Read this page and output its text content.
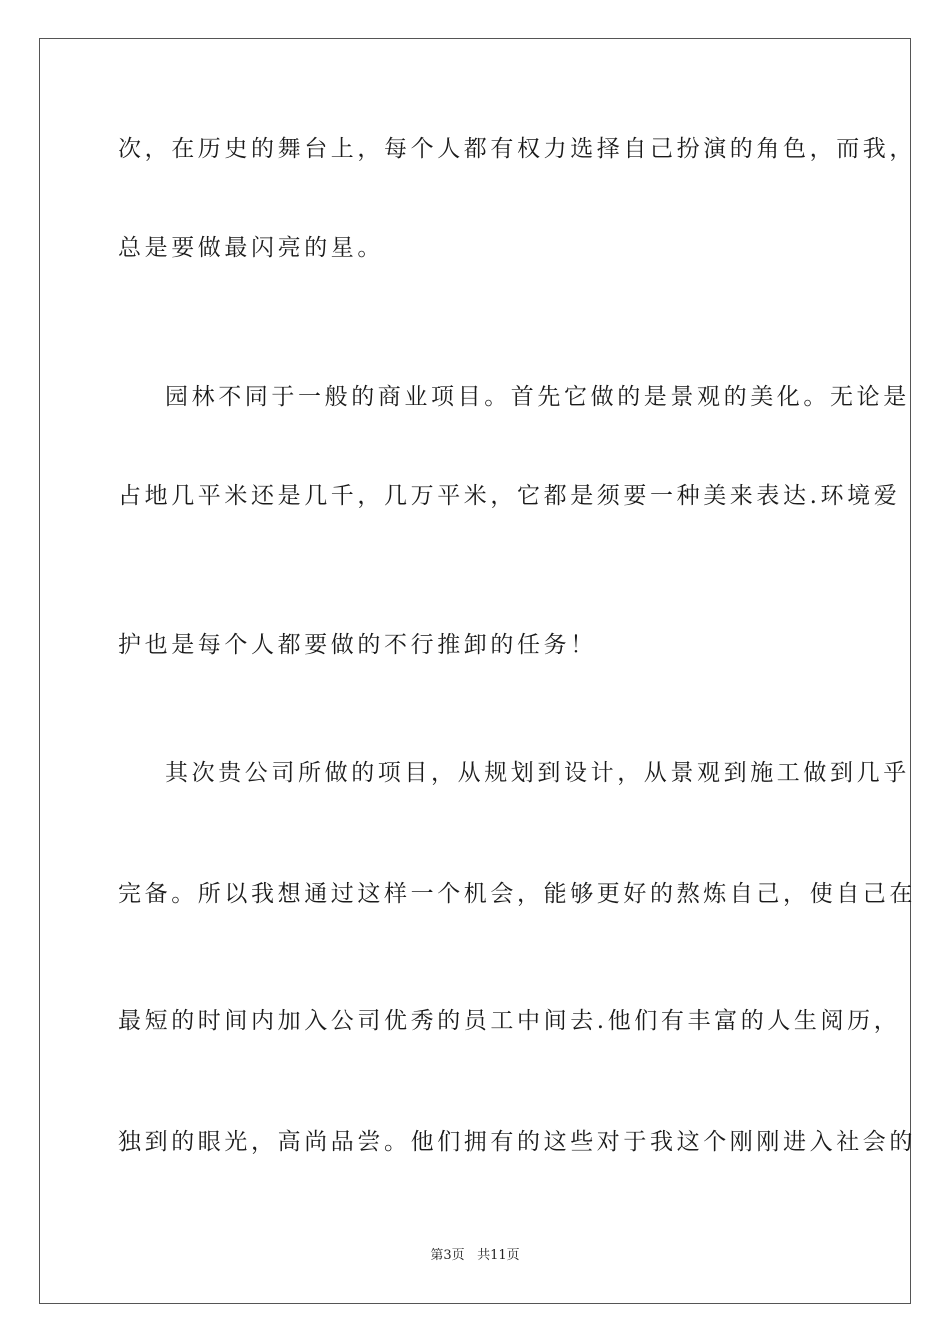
次，在历史的舞台上，每个人都有权力选择自己扮演的角色，而我，
总是要做最闪亮的星。
园林不同于一般的商业项目。首先它做的是景观的美化。无论是
占地几平米还是几千，几万平米，它都是须要一种美来表达.环境爱
护也是每个人都要做的不行推卸的任务！
其次贵公司所做的项目，从规划到设计，从景观到施工做到几乎
完备。所以我想通过这样一个机会，能够更好的熬炼自己，使自己在
最短的时间内加入公司优秀的员工中间去.他们有丰富的人生阅历，
独到的眼光，高尚品尝。他们拥有的这些对于我这个刚刚进入社会的
第3页 共11页
